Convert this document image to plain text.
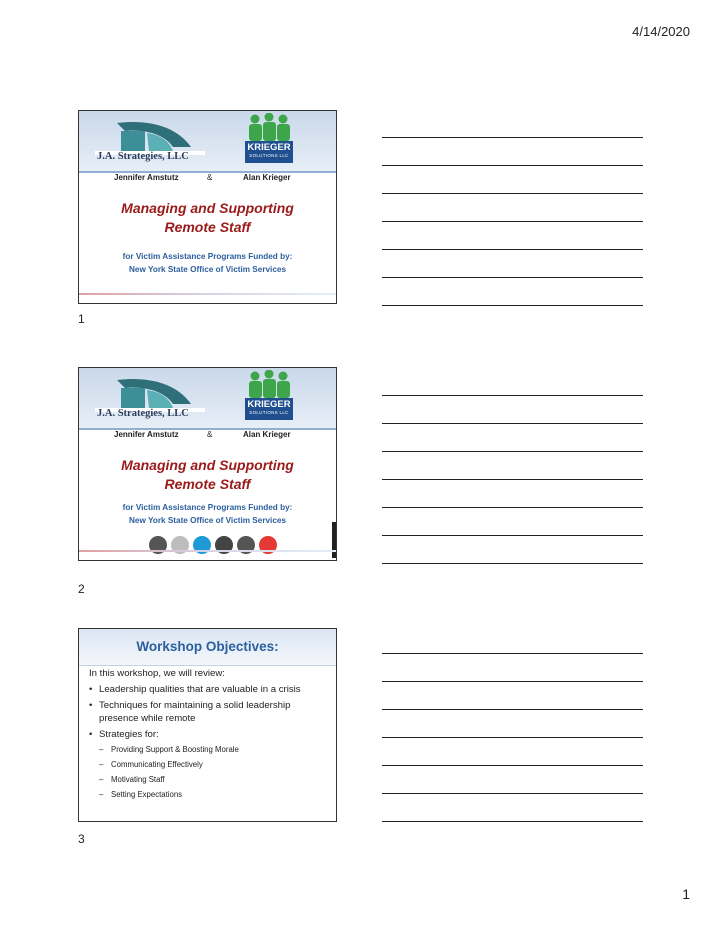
4/14/2020
J.A. Strategies, LLC
KRIEGER
SOLUTIONS LLC
Jennifer Amstutz	&	Alan Krieger
Managing and Supporting
Remote Staff
for Victim Assistance Programs Funded by:
New York State Office of Victim Services
1
J.A. Strategies, LLC
KRIEGER
SOLUTIONS LLC
Jennifer Amstutz	&	Alan Krieger
Managing and Supporting
Remote Staff
for Victim Assistance Programs Funded by:
New York State Office of Victim Services
2
Workshop Objectives:
In this workshop, we will review:
• Leadership qualities that are valuable in a crisis
• Techniques for maintaining a solid leadership presence while remote
• Strategies for:
– Providing Support & Boosting Morale
– Communicating Effectively
– Motivating Staff
– Setting Expectations
3
1
